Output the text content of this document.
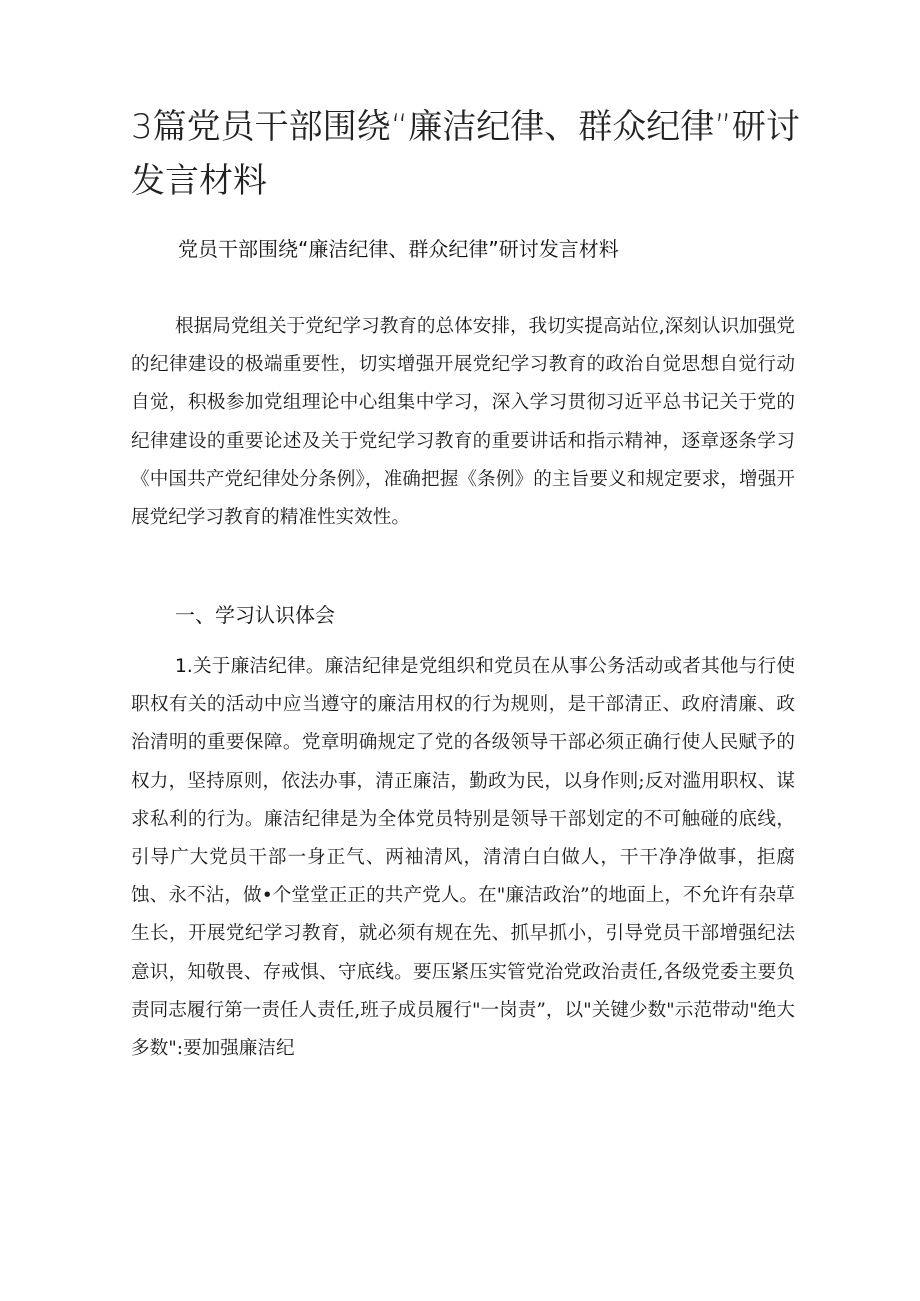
3篇党员干部围绕“廉洁纪律、群众纪律”研讨发言材料
党员干部围绕“廉洁纪律、群众纪律”研讨发言材料

根据局党组关于党纪学习教育的总体安排，我切实提高站位,深刻认识加强党的纪律建设的极端重要性，切实增强开展党纪学习教育的政治自觉思想自觉行动自觉，积极参加党组理论中心组集中学习，深入学习贯彻习近平总书记关于党的纪律建设的重要论述及关于党纪学习教育的重要讲话和指示精神，逐章逐条学习《中国共产党纪律处分条例》，准确把握《条例》的主旨要义和规定要求，增强开展党纪学习教育的精准性实效性。

一、学习认识体会

1.关于廉洁纪律。廉洁纪律是党组织和党员在从事公务活动或者其他与行使职权有关的活动中应当遵守的廉洁用权的行为规则，是干部清正、政府清廉、政治清明的重要保障。党章明确规定了党的各级领导干部必须正确行使人民赋予的权力，坚持原则，依法办事，清正廉洁，勤政为民，以身作则;反对滥用职权、谋求私利的行为。廉洁纪律是为全体党员特别是领导干部划定的不可触碰的底线，引导广大党员干部一身正气、两袖清风，清清白白做人，干干净净做事，拒腐蚀、永不沾，做•个堂堂正正的共产党人。在"廉洁政治”的地面上，不允许有杂草生长，开展党纪学习教育，就必须有规在先、抓早抓小，引导党员干部增强纪法意识，知敬畏、存戒惧、守底线。要压紧压实管党治党政治责任,各级党委主要负责同志履行第一责任人责任,班子成员履行"一岗责”，以"关键少数"示范带动"绝大多数":要加强廉洁纪
